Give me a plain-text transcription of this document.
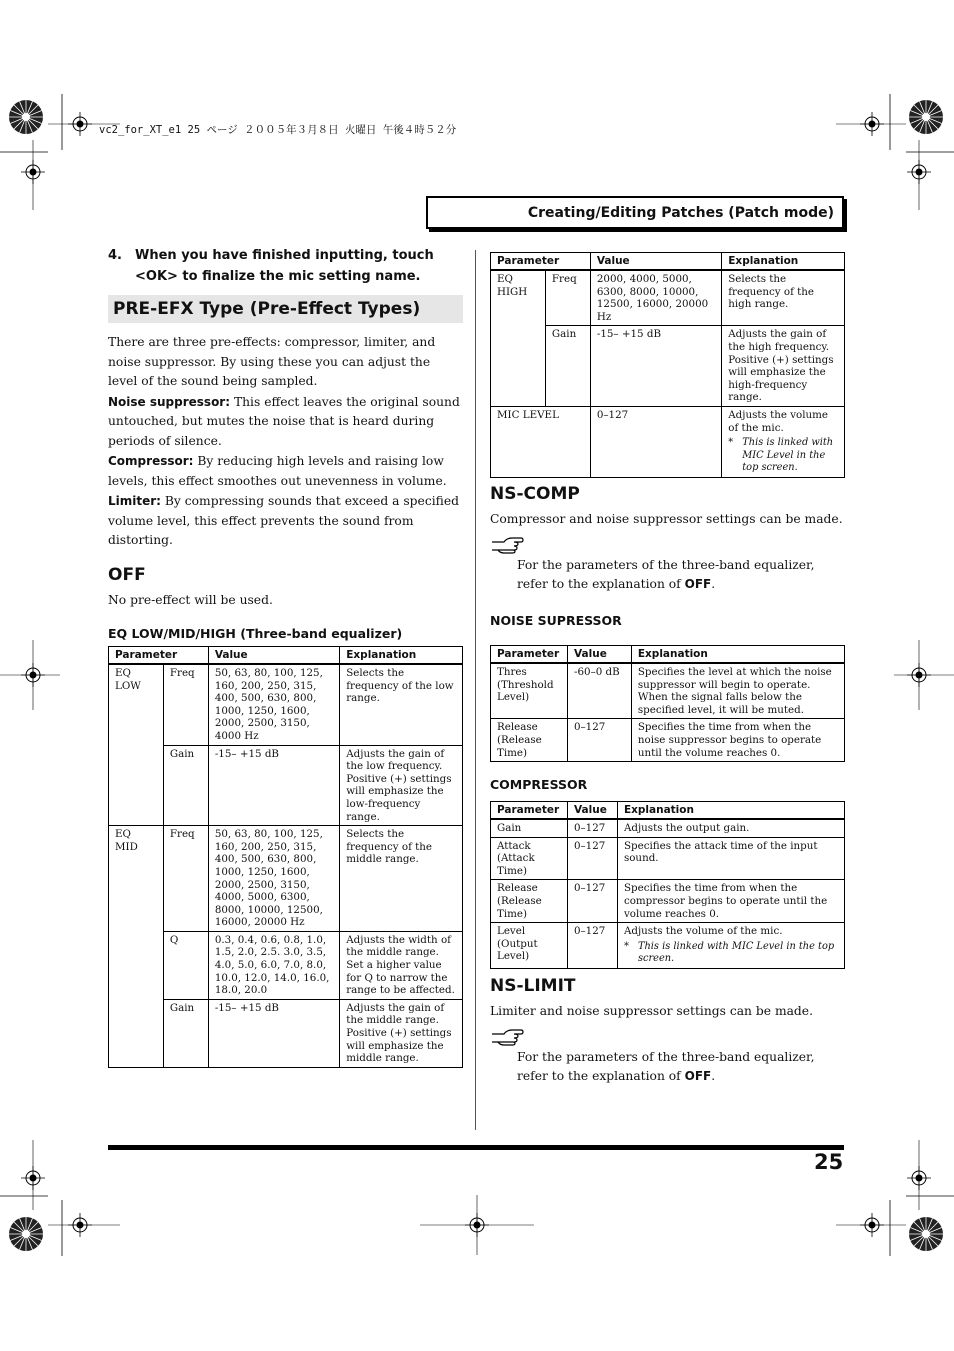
vc2_for_XT_e1 25 ページ ２００５年３月８日 火曜日 午後４時５２分
Creating/Editing Patches (Patch mode)
4. When you have finished inputting, touch <OK> to finalize the mic setting name.
PRE-EFX Type (Pre-Effect Types)
There are three pre-effects: compressor, limiter, and noise suppressor. By using these you can adjust the level of the sound being sampled.
Noise suppressor: This effect leaves the original sound untouched, but mutes the noise that is heard during periods of silence.
Compressor: By reducing high levels and raising low levels, this effect smoothes out unevenness in volume.
Limiter: By compressing sounds that exceed a specified volume level, this effect prevents the sound from distorting.
OFF
No pre-effect will be used.
EQ LOW/MID/HIGH (Three-band equalizer)
Parameter		Value	Explanation
EQ LOW	Freq	50, 63, 80, 100, 125, 160, 200, 250, 315, 400, 500, 630, 800, 1000, 1250, 1600, 2000, 2500, 3150, 4000 Hz	Selects the frequency of the low range.
	Gain	-15– +15 dB	Adjusts the gain of the low frequency. Positive (+) settings will emphasize the low-frequency range.
EQ MID	Freq	50, 63, 80, 100, 125, 160, 200, 250, 315, 400, 500, 630, 800, 1000, 1250, 1600, 2000, 2500, 3150, 4000, 5000, 6300, 8000, 10000, 12500, 16000, 20000 Hz	Selects the frequency of the middle range.
	Q	0.3, 0.4, 0.6, 0.8, 1.0, 1.5, 2.0, 2.5. 3.0, 3.5, 4.0, 5.0, 6.0, 7.0, 8.0, 10.0, 12.0, 14.0, 16.0, 18.0, 20.0	Adjusts the width of the middle range. Set a higher value for Q to narrow the range to be affected.
	Gain	-15– +15 dB	Adjusts the gain of the middle range. Positive (+) settings will emphasize the middle range.
Parameter		Value	Explanation
EQ HIGH	Freq	2000, 4000, 5000, 6300, 8000, 10000, 12500, 16000, 20000 Hz	Selects the frequency of the high range.
	Gain	-15– +15 dB	Adjusts the gain of the high frequency. Positive (+) settings will emphasize the high-frequency range.
MIC LEVEL		0–127	Adjusts the volume of the mic.
* This is linked with MIC Level in the top screen.
NS-COMP
Compressor and noise suppressor settings can be made.
For the parameters of the three-band equalizer, refer to the explanation of OFF.
NOISE SUPRESSOR
Parameter	Value	Explanation
Thres (Threshold Level)	-60–0 dB	Specifies the level at which the noise suppressor will begin to operate. When the signal falls below the specified level, it will be muted.
Release (Release Time)	0–127	Specifies the time from when the noise suppressor begins to operate until the volume reaches 0.
COMPRESSOR
Parameter	Value	Explanation
Gain	0–127	Adjusts the output gain.
Attack (Attack Time)	0–127	Specifies the attack time of the input sound.
Release (Release Time)	0–127	Specifies the time from when the compressor begins to operate until the volume reaches 0.
Level (Output Level)	0–127	Adjusts the volume of the mic.
* This is linked with MIC Level in the top screen.
NS-LIMIT
Limiter and noise suppressor settings can be made.
For the parameters of the three-band equalizer, refer to the explanation of OFF.
25
